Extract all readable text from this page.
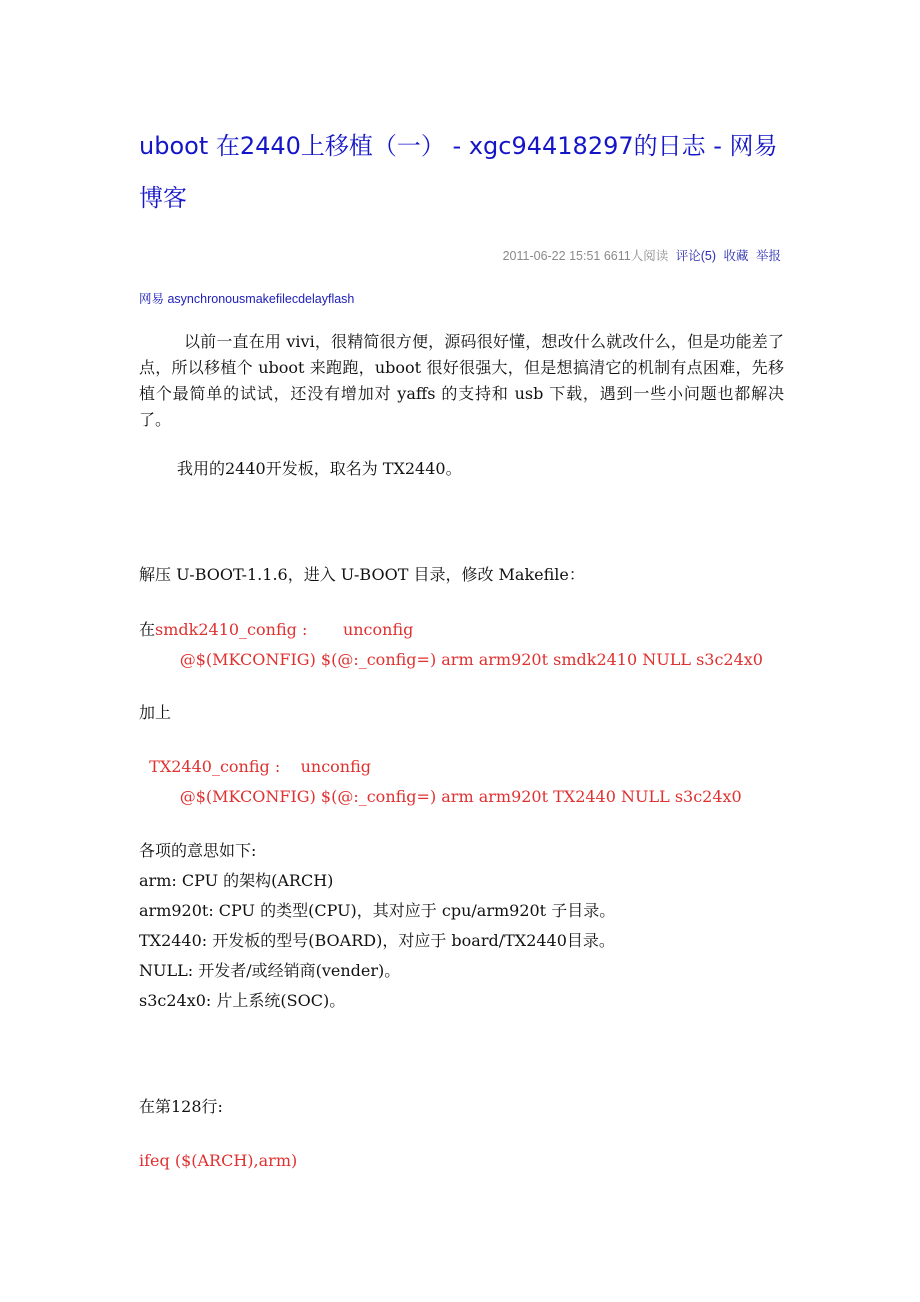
uboot 在2440上移植（一） - xgc94418297的日志 - 网易博客
2011-06-22 15:51 6611人阅读 评论(5) 收藏 举报
网易 asynchronousmakefilecdelayflash

以前一直在用 vivi，很精简很方便，源码很好懂，想改什么就改什么，但是功能差了点，所以移植个 uboot 来跑跑，uboot 很好很强大，但是想搞清它的机制有点困难，先移植个最简单的试试，还没有增加对 yaffs 的支持和 usb 下载，遇到一些小问题也都解决了。

我用的2440开发板，取名为 TX2440。

解压 U-BOOT-1.1.6，进入 U-BOOT 目录，修改 Makefile：

在smdk2410_config :       unconfig
@$(MKCONFIG) $(@:_config=) arm arm920t smdk2410 NULL s3c24x0

加上

TX2440_config :    unconfig
@$(MKCONFIG) $(@:_config=) arm arm920t TX2440 NULL s3c24x0
各项的意思如下:
arm: CPU 的架构(ARCH)
arm920t: CPU 的类型(CPU)，其对应于 cpu/arm920t 子目录。
TX2440: 开发板的型号(BOARD)，对应于 board/TX2440目录。
NULL: 开发者/或经销商(vender)。
s3c24x0: 片上系统(SOC)。

在第128行:

ifeq ($(ARCH),arm)
